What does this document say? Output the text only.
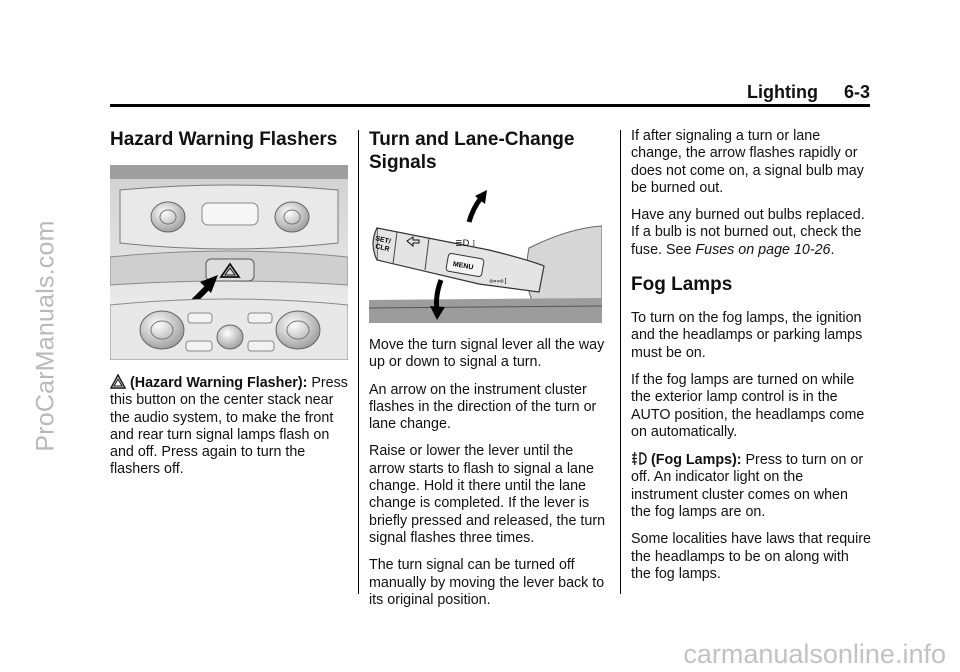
ProCarManuals.com
Lighting 6-3
Hazard Warning Flashers

(Hazard Warning Flasher): Press this button on the center stack near the audio system, to make the front and rear turn signal lamps flash on and off. Press again to turn the flashers off.

Turn and Lane-Change Signals
SET/
CLR
MENU
≣D ⁞
⇦⇨⁞

Move the turn signal lever all the way up or down to signal a turn.

An arrow on the instrument cluster flashes in the direction of the turn or lane change.

Raise or lower the lever until the arrow starts to flash to signal a lane change. Hold it there until the lane change is completed. If the lever is briefly pressed and released, the turn signal flashes three times.

The turn signal can be turned off manually by moving the lever back to its original position.

If after signaling a turn or lane change, the arrow flashes rapidly or does not come on, a signal bulb may be burned out.

Have any burned out bulbs replaced. If a bulb is not burned out, check the fuse. See Fuses on page 10-26.

Fog Lamps

To turn on the fog lamps, the ignition and the headlamps or parking lamps must be on.

If the fog lamps are turned on while the exterior lamp control is in the AUTO position, the headlamps come on automatically.

(Fog Lamps): Press to turn on or off. An indicator light on the instrument cluster comes on when the fog lamps are on.

Some localities have laws that require the headlamps to be on along with the fog lamps.

carmanualsonline.info
